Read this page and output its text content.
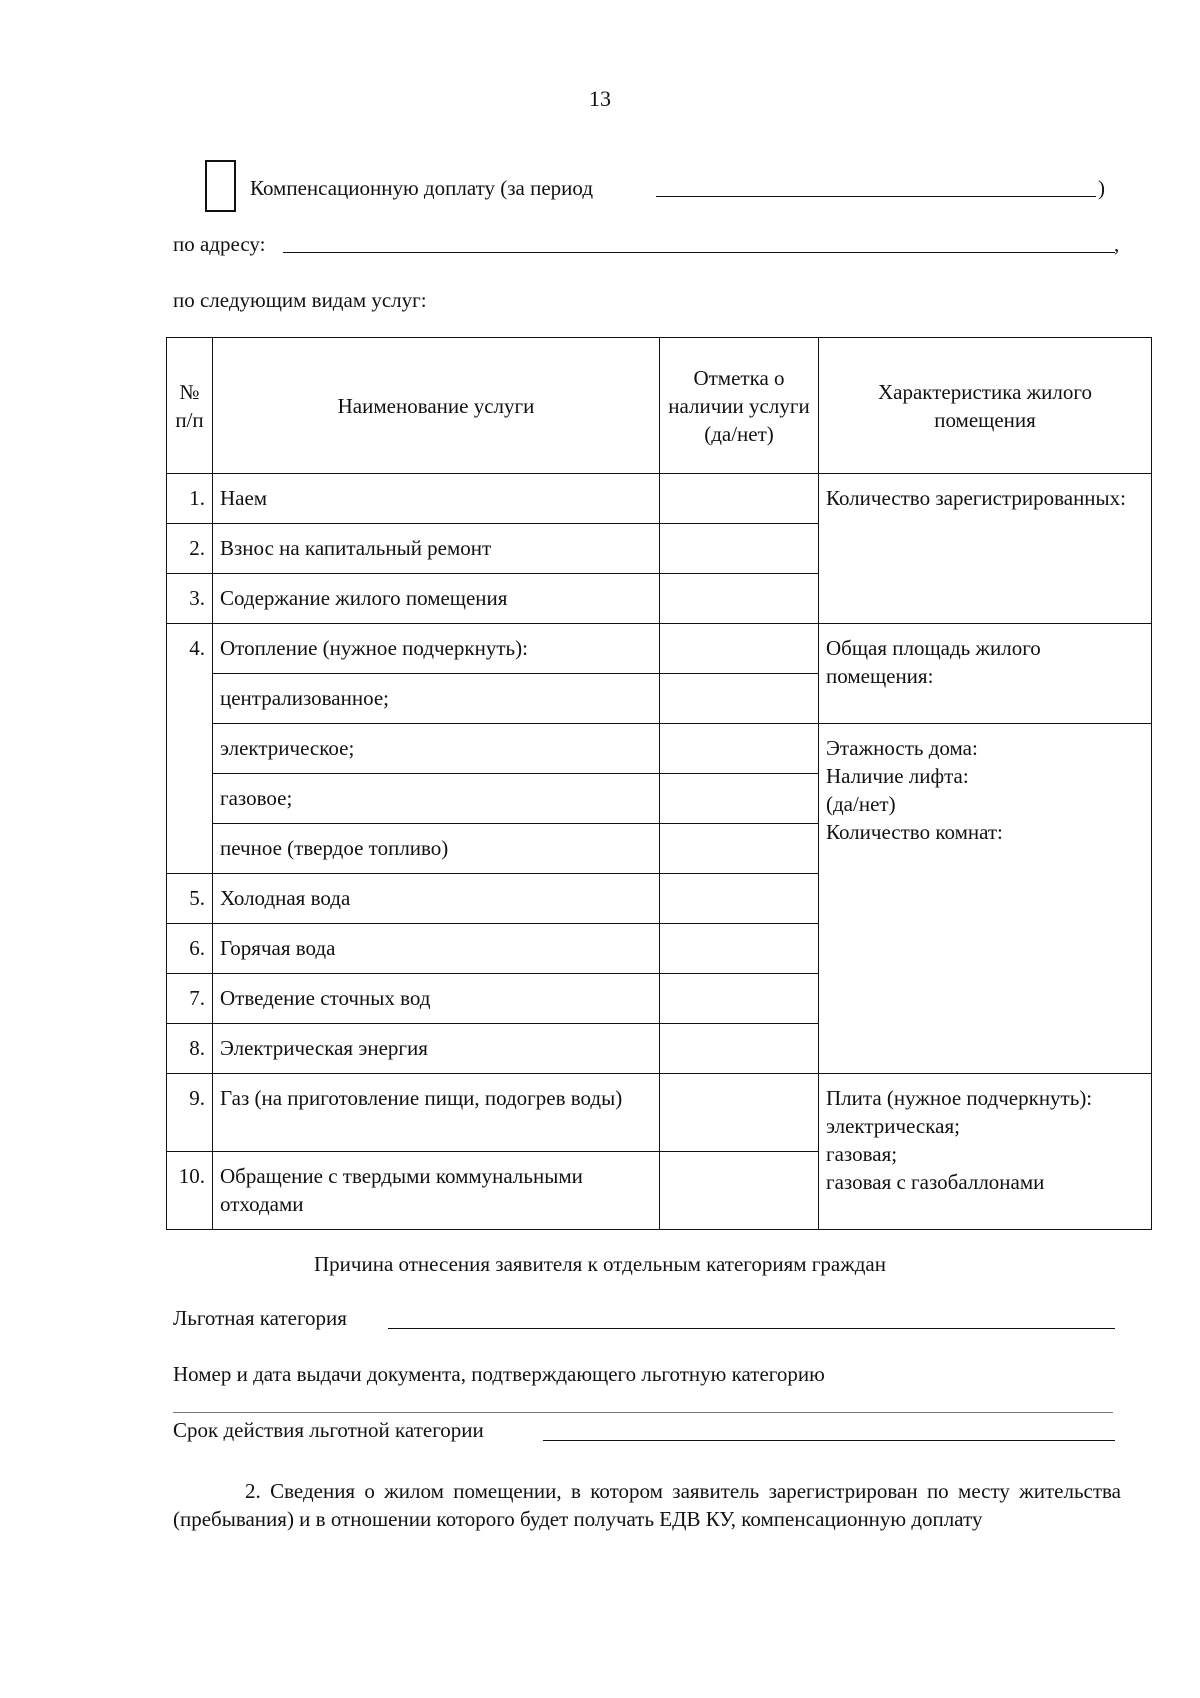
13
Компенсационную доплату (за период	)
по адресу:	,
по следующим видам услуг:
№ п/п	Наименование услуги	Отметка о наличии услуги (да/нет)	Характеристика жилого помещения
1.	Наем		Количество зарегистрированных:
2.	Взнос на капитальный ремонт		
3.	Содержание жилого помещения		
4.	Отопление (нужное подчеркнуть):		Общая площадь жилого помещения:
	централизованное;		
	электрическое;		Этажность дома:
Наличие лифта:
(да/нет)
Количество комнат:

	газовое;		
	печное (твердое топливо)		
5.	Холодная вода		
6.	Горячая вода		
7.	Отведение сточных вод		
8.	Электрическая энергия		
9.	Газ (на приготовление пищи, подогрев воды)		Плита (нужное подчеркнуть):
электрическая;
газовая;
газовая с газобаллонами

10.	Обращение с твердыми коммунальными отходами		
Причина отнесения заявителя к отдельным категориям граждан
Льготная категория
Номер и дата выдачи документа, подтверждающего льготную категорию
Срок действия льготной категории
2. Сведения о жилом помещении, в котором заявитель зарегистрирован по месту жительства (пребывания) и в отношении которого будет получать ЕДВ КУ, компенсационную доплату
